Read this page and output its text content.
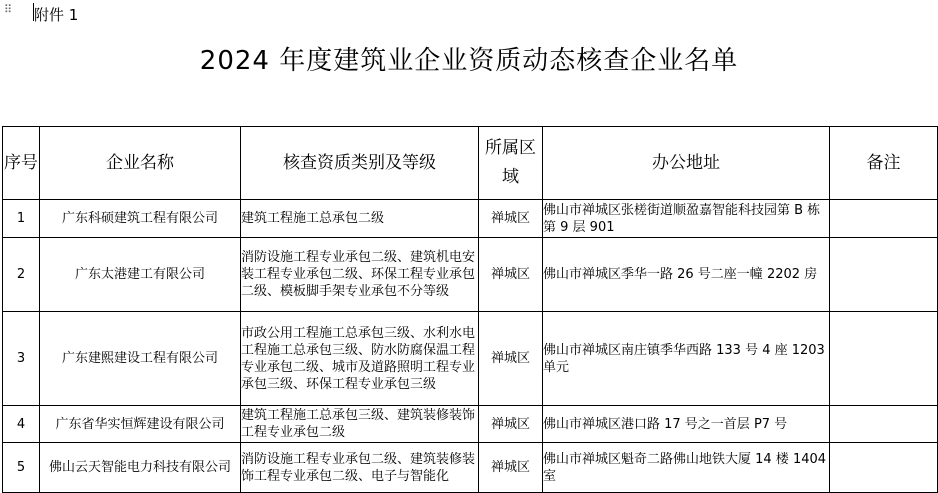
⠿ 附件 1
2024 年度建筑业企业资质动态核查企业名单
序号	企业名称	核查资质类别及等级	所属区域	办公地址	备注
1	广东科硕建筑工程有限公司	建筑工程施工总承包二级	禅城区	佛山市禅城区张槎街道顺盈嘉智能科技园第 B 栋第 9 层 901	
2	广东太港建工有限公司	消防设施工程专业承包二级、建筑机电安装工程专业承包二级、环保工程专业承包二级、模板脚手架专业承包不分等级	禅城区	佛山市禅城区季华一路 26 号二座一幢 2202 房	
3	广东建熙建设工程有限公司	市政公用工程施工总承包三级、水利水电工程施工总承包三级、防水防腐保温工程专业承包二级、城市及道路照明工程专业承包三级、环保工程专业承包三级	禅城区	佛山市禅城区南庄镇季华西路 133 号 4 座 1203 单元	
4	广东省华实恒辉建设有限公司	建筑工程施工总承包三级、建筑装修装饰工程专业承包二级	禅城区	佛山市禅城区港口路 17 号之一首层 P7 号	
5	佛山云天智能电力科技有限公司	消防设施工程专业承包二级、建筑装修装饰工程专业承包二级、电子与智能化	禅城区	佛山市禅城区魁奇二路佛山地铁大厦 14 楼 1404 室	
